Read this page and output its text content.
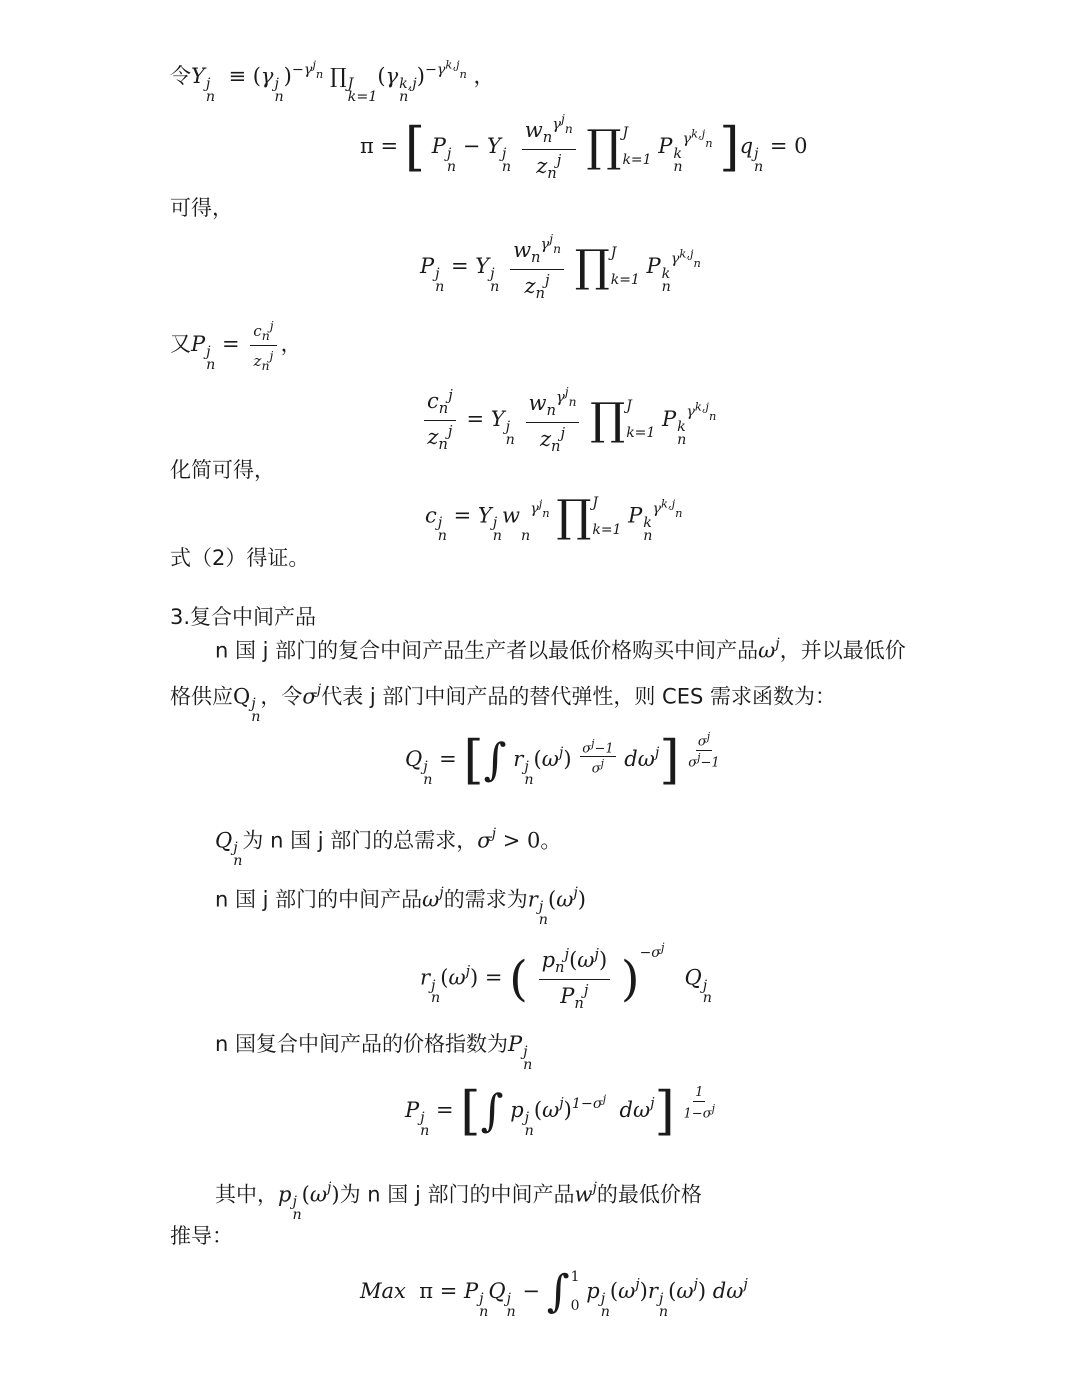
令Υ j
n
≡ (γ j
n
)$^{-\gamma^j_n}$ ∏ J
k=1
(γ k,j
n
)$^{-\gamma^{k,j}_n}$ ，
π = [ P j
n
− Υ j
n
$\frac{w_n^{\gamma^j_n}}{z_n^j}$
∏ J
k=1
P k
n
$^{\gamma^{k,j}_n}$ ]q j
n
= 0
可得，
P j
n
= Υ j
n
$\frac{w_n^{\gamma^j_n}}{z_n^j}$
∏ J
k=1
P k
n
$^{\gamma^{k,j}_n}$
又P j
n
= $\frac{c_n^j}{z_n^j}$ ，
$\frac{c_n^j}{z_n^j} = \Upsilon$ j
n
$\frac{w_n^{\gamma^j_n}}{z_n^j}$
∏ J
k=1
P k
n
$^{\gamma^{k,j}_n}$
化简可得，
c j
n
= Υ j
n
w

n
$^{\gamma^j_n}$ ∏ J
k=1
P k
n
$^{\gamma^{k,j}_n}$
式（2）得证。
3.复合中间产品
n 国 j 部门的复合中间产品生产者以最低价格购买中间产品$\omega^j$，并以最低价
格供应Q j
n
，令$\sigma^j$代表 j 部门中间产品的替代弹性，则 CES 需求函数为：
Q j
n
= [∫ r j
n
$(\omega^j) \frac{\sigma^j-1}{\sigma^j} d\omega^j] \frac{\sigma^j}{\sigma^j-1}$
Q j
n
为 n 国 j 部门的总需求，$\sigma^j > 0$。
n 国 j 部门的中间产品$\omega^j$的需求为r j
n
$(\omega^j)$
r j
n
$(\omega^j)$ = ( $\frac{p_n^j(\omega^j)}{P_n^j} )^{-\sigma^j}$   Q j
n
n 国复合中间产品的价格指数为P j
n
P j
n
= [∫ p j
n
$(\omega^j)^{1-\sigma^j}$  $d\omega^j] \frac{1}{1-\sigma^j}$
其中，p j
n
$(\omega^j)$为 n 国 j 部门的中间产品$w^j$的最低价格
推导：
Max  π = P j
n
Q j
n
− ∫ 1
0
p j
n
$(\omega^j)r$ j
n
$(\omega^j)$ $d\omega^j$
